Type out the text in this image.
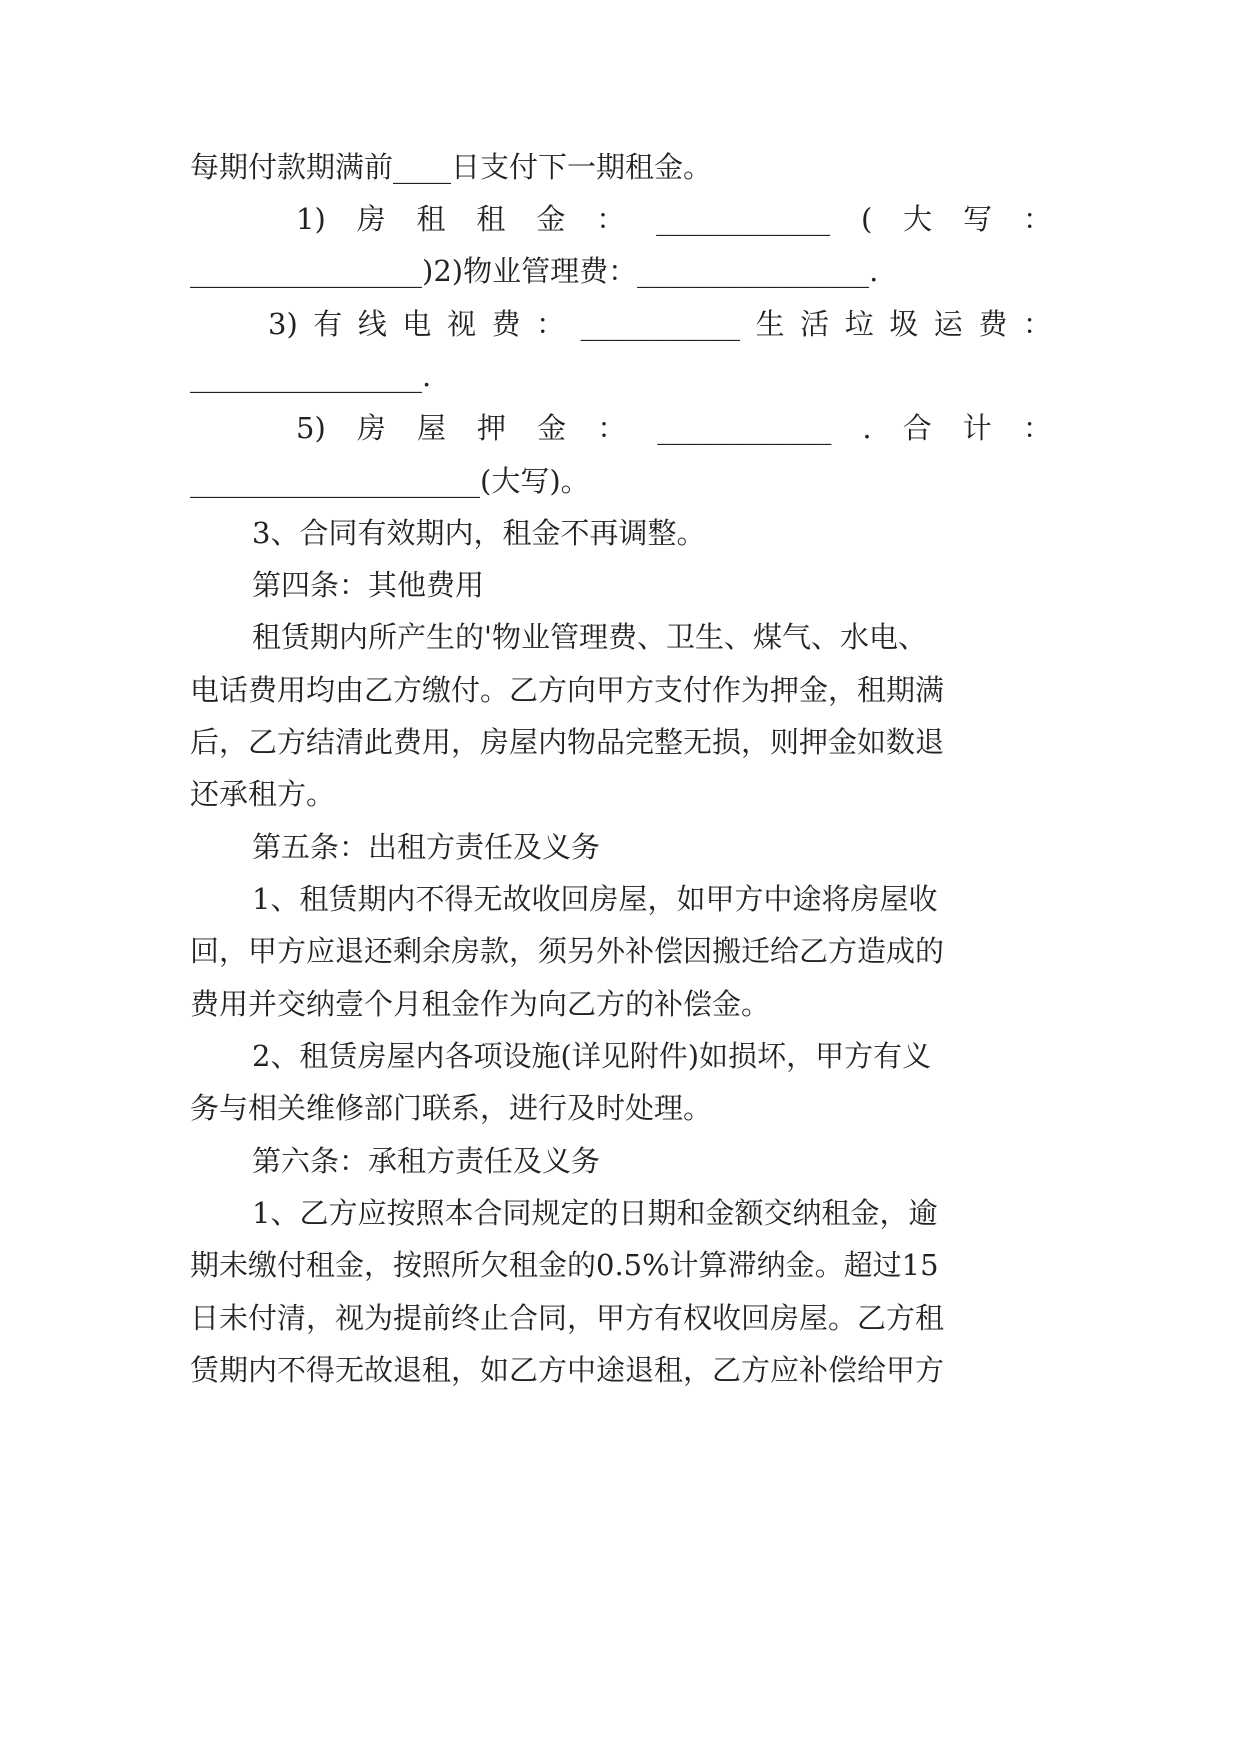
每期付款期满前____日支付下一期租金。
1) 房 租 租 金 ： ____________ ( 大 写 ：
________________)2)物业管理费：________________.
3) 有 线 电 视 费 ： ___________ 生 活 垃 圾 运 费 ：
________________.
5) 房 屋 押 金 ： ____________ . 合 计 ：
____________________(大写)。
3、合同有效期内，租金不再调整。
第四条：其他费用
租赁期内所产生的'物业管理费、卫生、煤气、水电、
电话费用均由乙方缴付。乙方向甲方支付作为押金，租期满
后，乙方结清此费用，房屋内物品完整无损，则押金如数退
还承租方。
第五条：出租方责任及义务
1、租赁期内不得无故收回房屋，如甲方中途将房屋收
回，甲方应退还剩余房款，须另外补偿因搬迁给乙方造成的
费用并交纳壹个月租金作为向乙方的补偿金。
2、租赁房屋内各项设施(详见附件)如损坏，甲方有义
务与相关维修部门联系，进行及时处理。
第六条：承租方责任及义务
1、乙方应按照本合同规定的日期和金额交纳租金，逾
期未缴付租金，按照所欠租金的0.5%计算滞纳金。超过15
日未付清，视为提前终止合同，甲方有权收回房屋。乙方租
赁期内不得无故退租，如乙方中途退租，乙方应补偿给甲方
